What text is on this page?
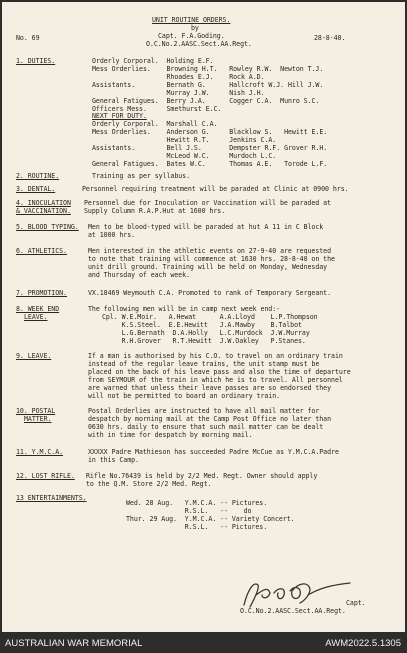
No. 69
UNIT ROUTINE ORDERS.
by
Capt. F.A.Goding.
O.C.No.2.AASC.Sect.AA.Regt.
28-8-40.
1. DUTIES.	Orderly Corporal.  Holding E.F.
Mess Orderlies.    Browning H.T.   Rowley R.W.  Newton T.J.
Rhoades E.J.    Rock A.D.
Assistants.        Bernath G.      Hallcroft W.J. Hill J.W.
Murray J.W.     Nish J.H.
General Fatigues.  Berry J.A.      Cogger C.A.  Munro S.C.
Officers Mess.     Smethurst E.C.
NEXT FOR DUTY.
Orderly Corporal.  Marshall C.A.
Mess Orderlies.    Anderson G.     Blacklow S.   Hewitt E.E.
Hewitt R.T.     Jenkins C.A.
Assistants.        Bell J.S.       Dempster R.F. Grover R.H.
McLeod W.C.     Murdoch L.C.
General Fatigues.  Bates W.C.      Thomas A.E.   Torode L.F.
2. ROUTINE.	Training as per syllabus.
3. DENTAL.	Personnel requiring treatment will be paraded at Clinic at 0900 hrs.
4. INOCULATION
& VACCINATION.
Personnel due for Inoculation or Vaccination will be paraded at
Supply Column R.A.P.Hut at 1600 hrs.
5. BLOOD TYPING. Men to be blood-typed will be paraded at hut A 11 in C Block
at 1000 hrs.
6. ATHLETICS.	Men interested in the athletic events on 27-9-40 are requested
to note that training will commence at 1630 hrs. 28-8-40 on the
unit drill ground. Training will be held on Monday, Wednesday
and Thursday of each week.
7. PROMOTION.	VX.18469 Weymouth C.A. Promoted to rank of Temporary Sergeant.
8. WEEK END
LEAVE.
The following men will be in camp next week end:-
Cpl. W.E.Moir.   A.Hewat      A.A.Lloyd    L.P.Thompson
K.S.Steel.  E.E.Hewitt   J.A.Mawby    B.Talbot
L.G.Bernath  D.A.Holly   L.C.Murdock  J.W.Murray
R.H.Grover   R.T.Hewitt  J.W.Oakley   P.Stanes.
9. LEAVE.	If a man is authorised by his C.O. to travel on an ordinary train
instead of the regular leave trains, the unit stamp must be
placed on the back of his leave pass and also the time of departure
from SEYMOUR of the train in which he is to travel. All personnel
are warned that unless their leave passes are so endorsed they
will not be permitted to board an ordinary train.
10. POSTAL
MATTER.
Postal Orderlies are instructed to have all mail matter for
despatch by morning mail at the Camp Post Office no later than
0630 hrs. daily to ensure that such mail matter can be dealt
with in time for despatch by morning mail.
11. Y.M.C.A.	XXXXX Padre Mathieson has succeeded Padre McCue as Y.M.C.A.Padre
in this Camp.
12. LOST RIFLE. Rifle No.76439 is held by 2/2 Med. Regt. Owner should apply
to the Q.M. Store 2/2 Med. Regt.
13 ENTERTAINMENTS.
Wed. 28 Aug.   Y.M.C.A. -- Pictures.
R.S.L.   --    do
Thur. 29 Aug.  Y.M.C.A. -- Variety Concert.
R.S.L.   -- Pictures.
Capt.
O.C.No.2.AASC.Sect.AA.Regt.
AUSTRALIAN WAR MEMORIAL	AWM2022.5.1305
